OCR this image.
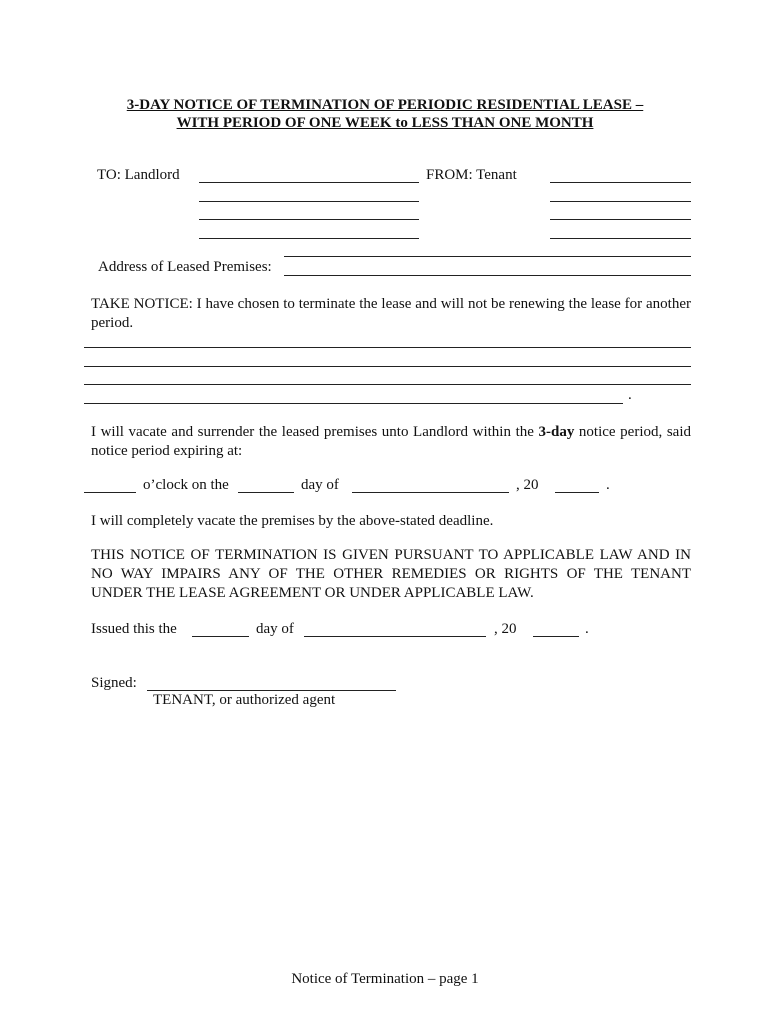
3-DAY NOTICE OF TERMINATION OF PERIODIC RESIDENTIAL LEASE –
WITH PERIOD OF ONE WEEK to LESS THAN ONE MONTH
TO: Landlord	FROM: Tenant
Address of Leased Premises:
TAKE NOTICE: I have chosen to terminate the lease and will not be renewing the lease for another period.
.
I will vacate and surrender the leased premises unto Landlord within the 3-day notice period, said notice period expiring at:
o’clock on the	day of	, 20	.
I will completely vacate the premises by the above-stated deadline.
THIS NOTICE OF TERMINATION IS GIVEN PURSUANT TO APPLICABLE LAW AND IN NO WAY IMPAIRS ANY OF THE OTHER REMEDIES OR RIGHTS OF THE TENANT UNDER THE LEASE AGREEMENT OR UNDER APPLICABLE LAW.
Issued this the	day of	, 20	.
Signed:
TENANT, or authorized agent
Notice of Termination – page 1
